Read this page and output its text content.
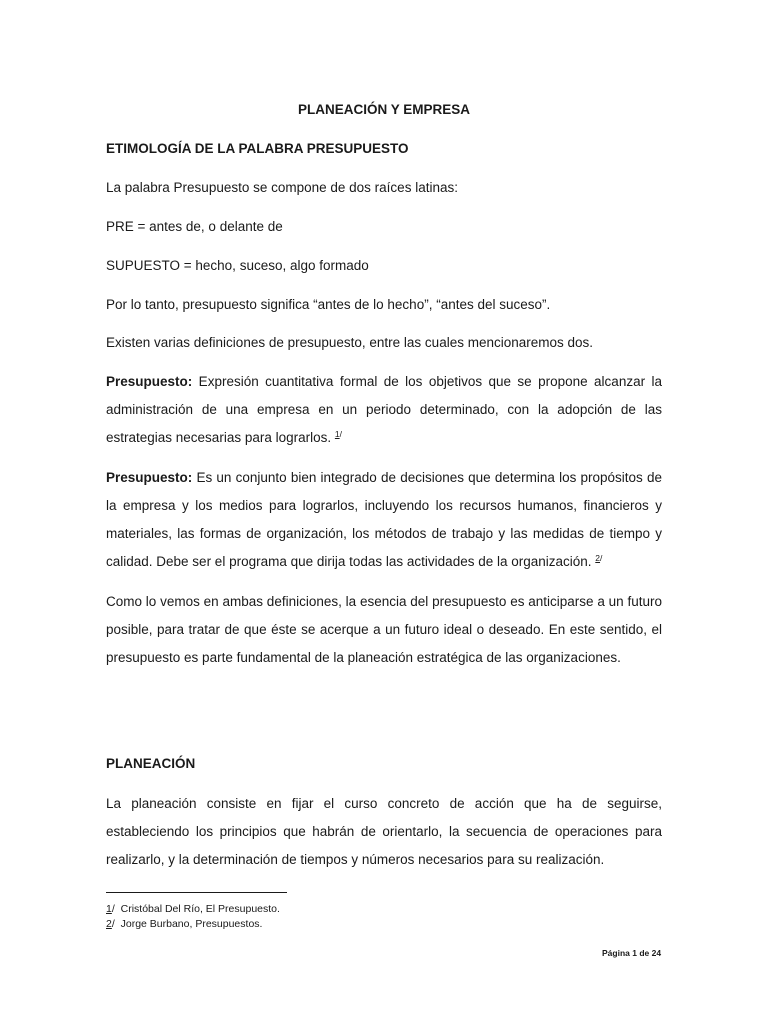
PLANEACIÓN Y EMPRESA
ETIMOLOGÍA DE LA PALABRA PRESUPUESTO
La palabra Presupuesto se compone de dos raíces latinas:
PRE = antes de, o delante de
SUPUESTO = hecho, suceso, algo formado
Por lo tanto, presupuesto significa “antes de lo hecho”, “antes del suceso”.
Existen varias definiciones de presupuesto, entre las cuales mencionaremos dos.
Presupuesto: Expresión cuantitativa formal de los objetivos que se propone alcanzar la administración de una empresa en un periodo determinado, con la adopción de las estrategias necesarias para lograrlos. $^{1/}$
Presupuesto: Es un conjunto bien integrado de decisiones que determina los propósitos de la empresa y los medios para lograrlos, incluyendo los recursos humanos, financieros y materiales, las formas de organización, los métodos de trabajo y las medidas de tiempo y calidad. Debe ser el programa que dirija todas las actividades de la organización. $^{2/}$
Como lo vemos en ambas definiciones, la esencia del presupuesto es anticiparse a un futuro posible, para tratar de que éste se acerque a un futuro ideal o deseado. En este sentido, el presupuesto es parte fundamental de la planeación estratégica de las organizaciones.
PLANEACIÓN
La planeación consiste en fijar el curso concreto de acción que ha de seguirse, estableciendo los principios que habrán de orientarlo, la secuencia de operaciones para realizarlo, y la determinación de tiempos y números necesarios para su realización.
1/ Cristóbal Del Río, El Presupuesto.
2/ Jorge Burbano, Presupuestos.
Página 1 de 24
